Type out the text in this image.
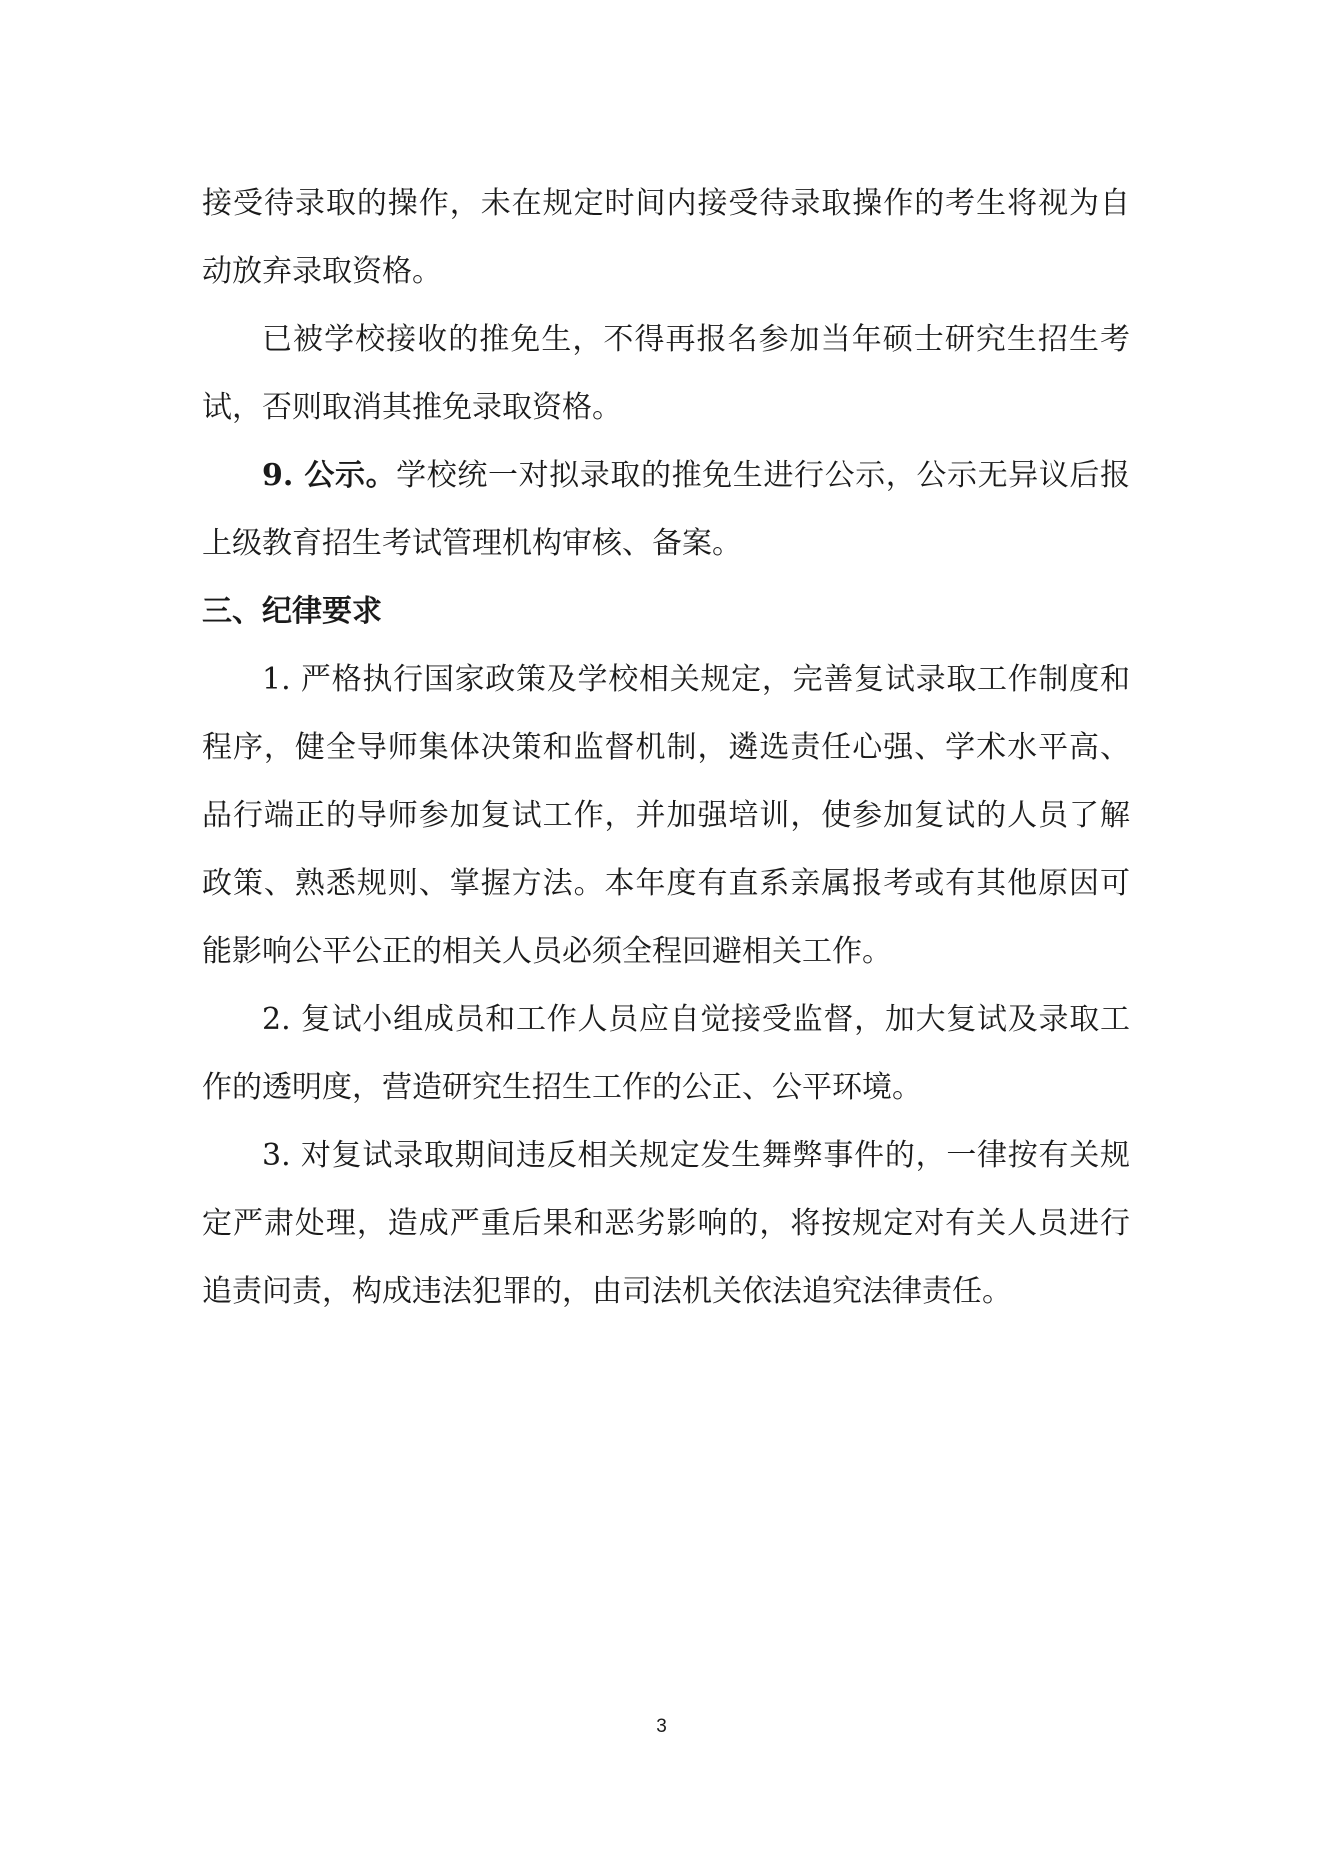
接受待录取的操作，未在规定时间内接受待录取操作的考生将视为自
动放弃录取资格。
已被学校接收的推免生，不得再报名参加当年硕士研究生招生考
试，否则取消其推免录取资格。
9. 公示。学校统一对拟录取的推免生进行公示，公示无异议后报
上级教育招生考试管理机构审核、备案。
三、纪律要求
1. 严格执行国家政策及学校相关规定，完善复试录取工作制度和
程序，健全导师集体决策和监督机制，遴选责任心强、学术水平高、
品行端正的导师参加复试工作，并加强培训，使参加复试的人员了解
政策、熟悉规则、掌握方法。本年度有直系亲属报考或有其他原因可
能影响公平公正的相关人员必须全程回避相关工作。
2. 复试小组成员和工作人员应自觉接受监督，加大复试及录取工
作的透明度，营造研究生招生工作的公正、公平环境。
3. 对复试录取期间违反相关规定发生舞弊事件的，一律按有关规
定严肃处理，造成严重后果和恶劣影响的，将按规定对有关人员进行
追责问责，构成违法犯罪的，由司法机关依法追究法律责任。
3
